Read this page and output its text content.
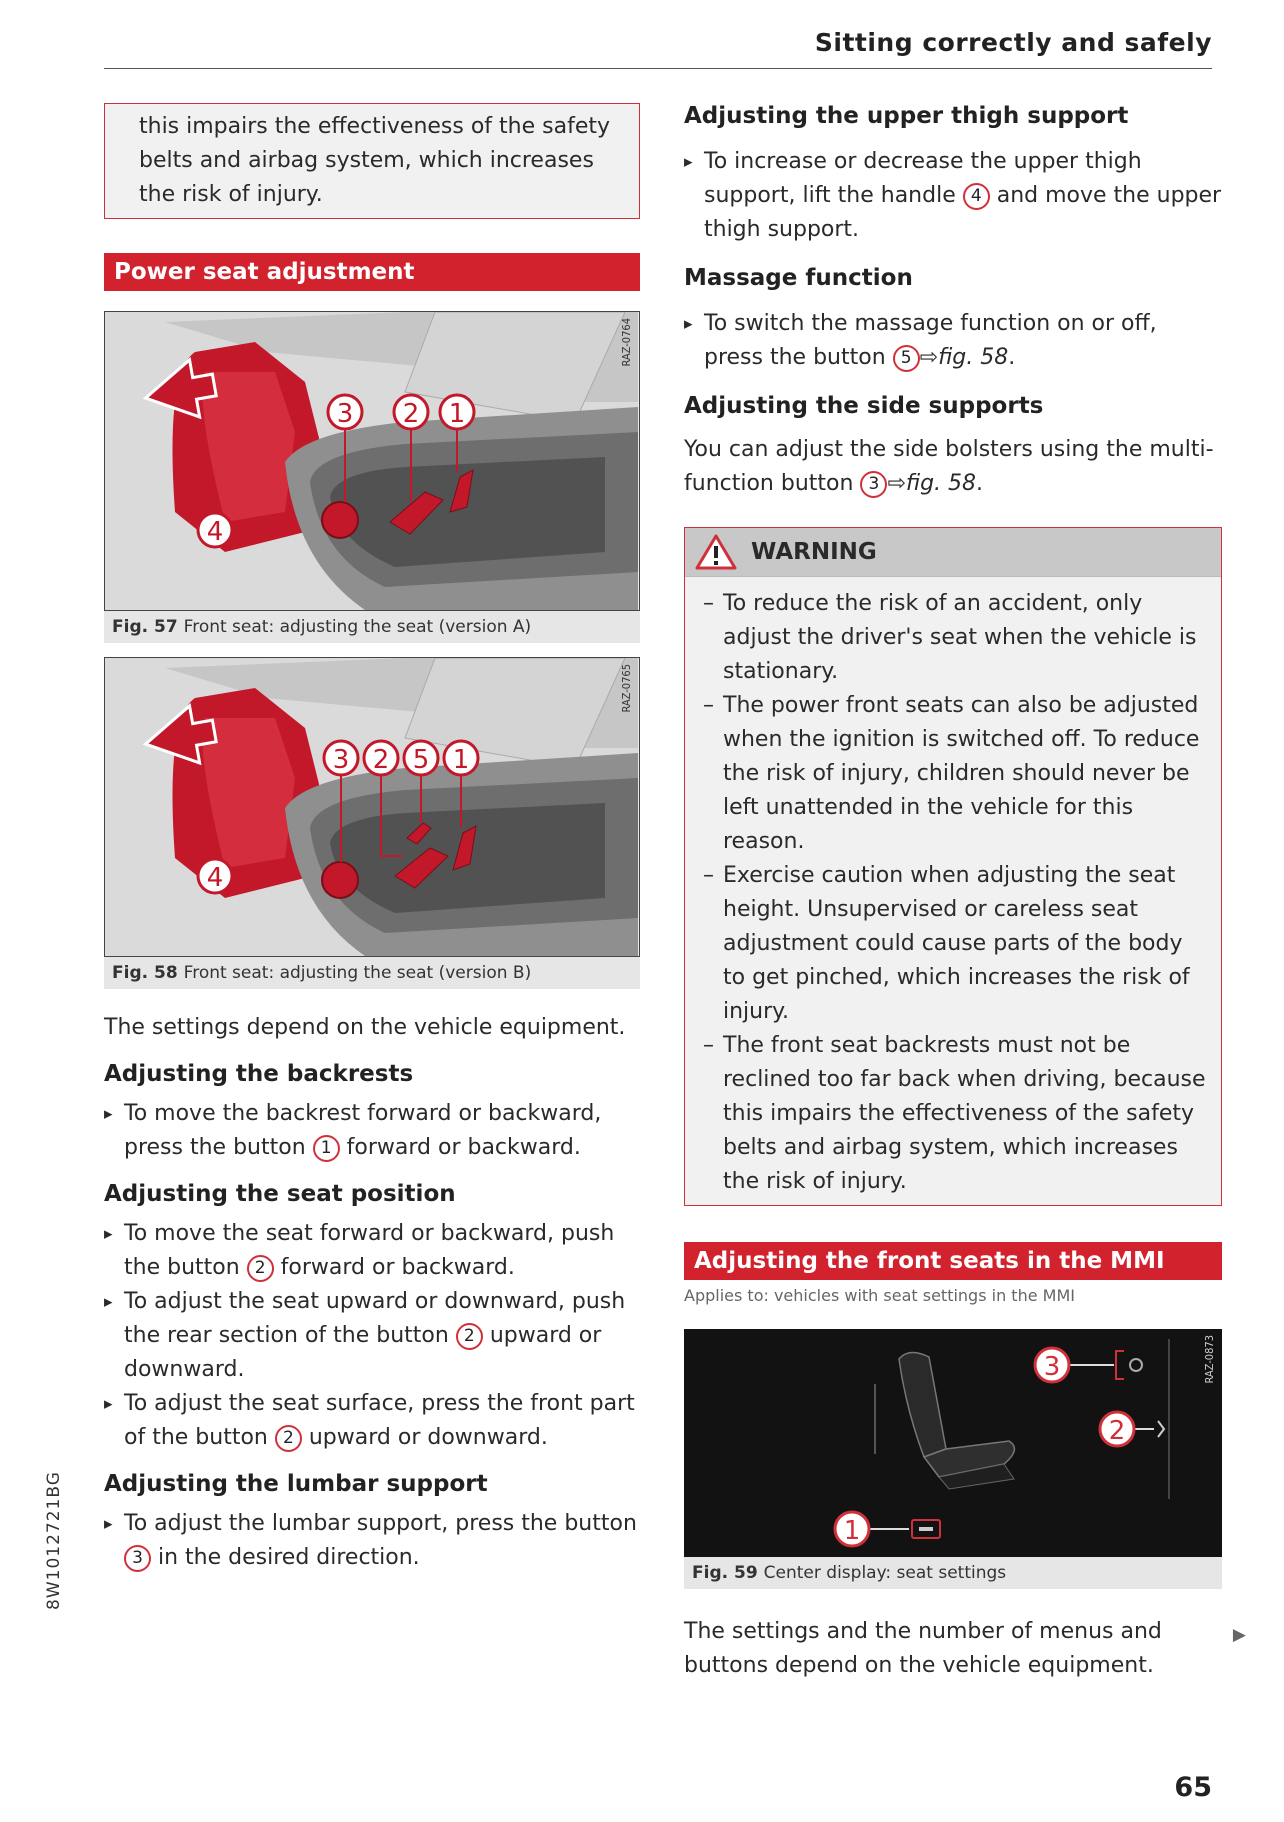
Sitting correctly and safely
this impairs the effectiveness of the safety belts and airbag system, which increases the risk of injury.
Power seat adjustment
3 2 1
4
RAZ-0764
Fig. 57 Front seat: adjusting the seat (version A)
3 2 5 1
4
RAZ-0765
Fig. 58 Front seat: adjusting the seat (version B)
The settings depend on the vehicle equipment.
Adjusting the backrests
▸ To move the backrest forward or backward, press the button 1 forward or backward.
Adjusting the seat position
▸ To move the seat forward or backward, push the button 2 forward or backward.
▸ To adjust the seat upward or downward, push the rear section of the button 2 upward or downward.
▸ To adjust the seat surface, press the front part of the button 2 upward or downward.
Adjusting the lumbar support
▸ To adjust the lumbar support, press the button 3 in the desired direction.
Adjusting the upper thigh support
▸ To increase or decrease the upper thigh support, lift the handle 4 and move the upper thigh support.
Massage function
▸ To switch the massage function on or off, press the button 5 ⇨fig. 58.
Adjusting the side supports
You can adjust the side bolsters using the multi-function button 3 ⇨fig. 58.
WARNING
– To reduce the risk of an accident, only adjust the driver's seat when the vehicle is stationary.
– The power front seats can also be adjusted when the ignition is switched off. To reduce the risk of injury, children should never be left unattended in the vehicle for this reason.
– Exercise caution when adjusting the seat height. Unsupervised or careless seat adjustment could cause parts of the body to get pinched, which increases the risk of injury.
– The front seat backrests must not be reclined too far back when driving, because this impairs the effectiveness of the safety belts and airbag system, which increases the risk of injury.
Adjusting the front seats in the MMI
Applies to: vehicles with seat settings in the MMI
3
2
1
RAZ-0873
Fig. 59 Center display: seat settings
The settings and the number of menus and buttons depend on the vehicle equipment.
▶
8W1012721BG
65
